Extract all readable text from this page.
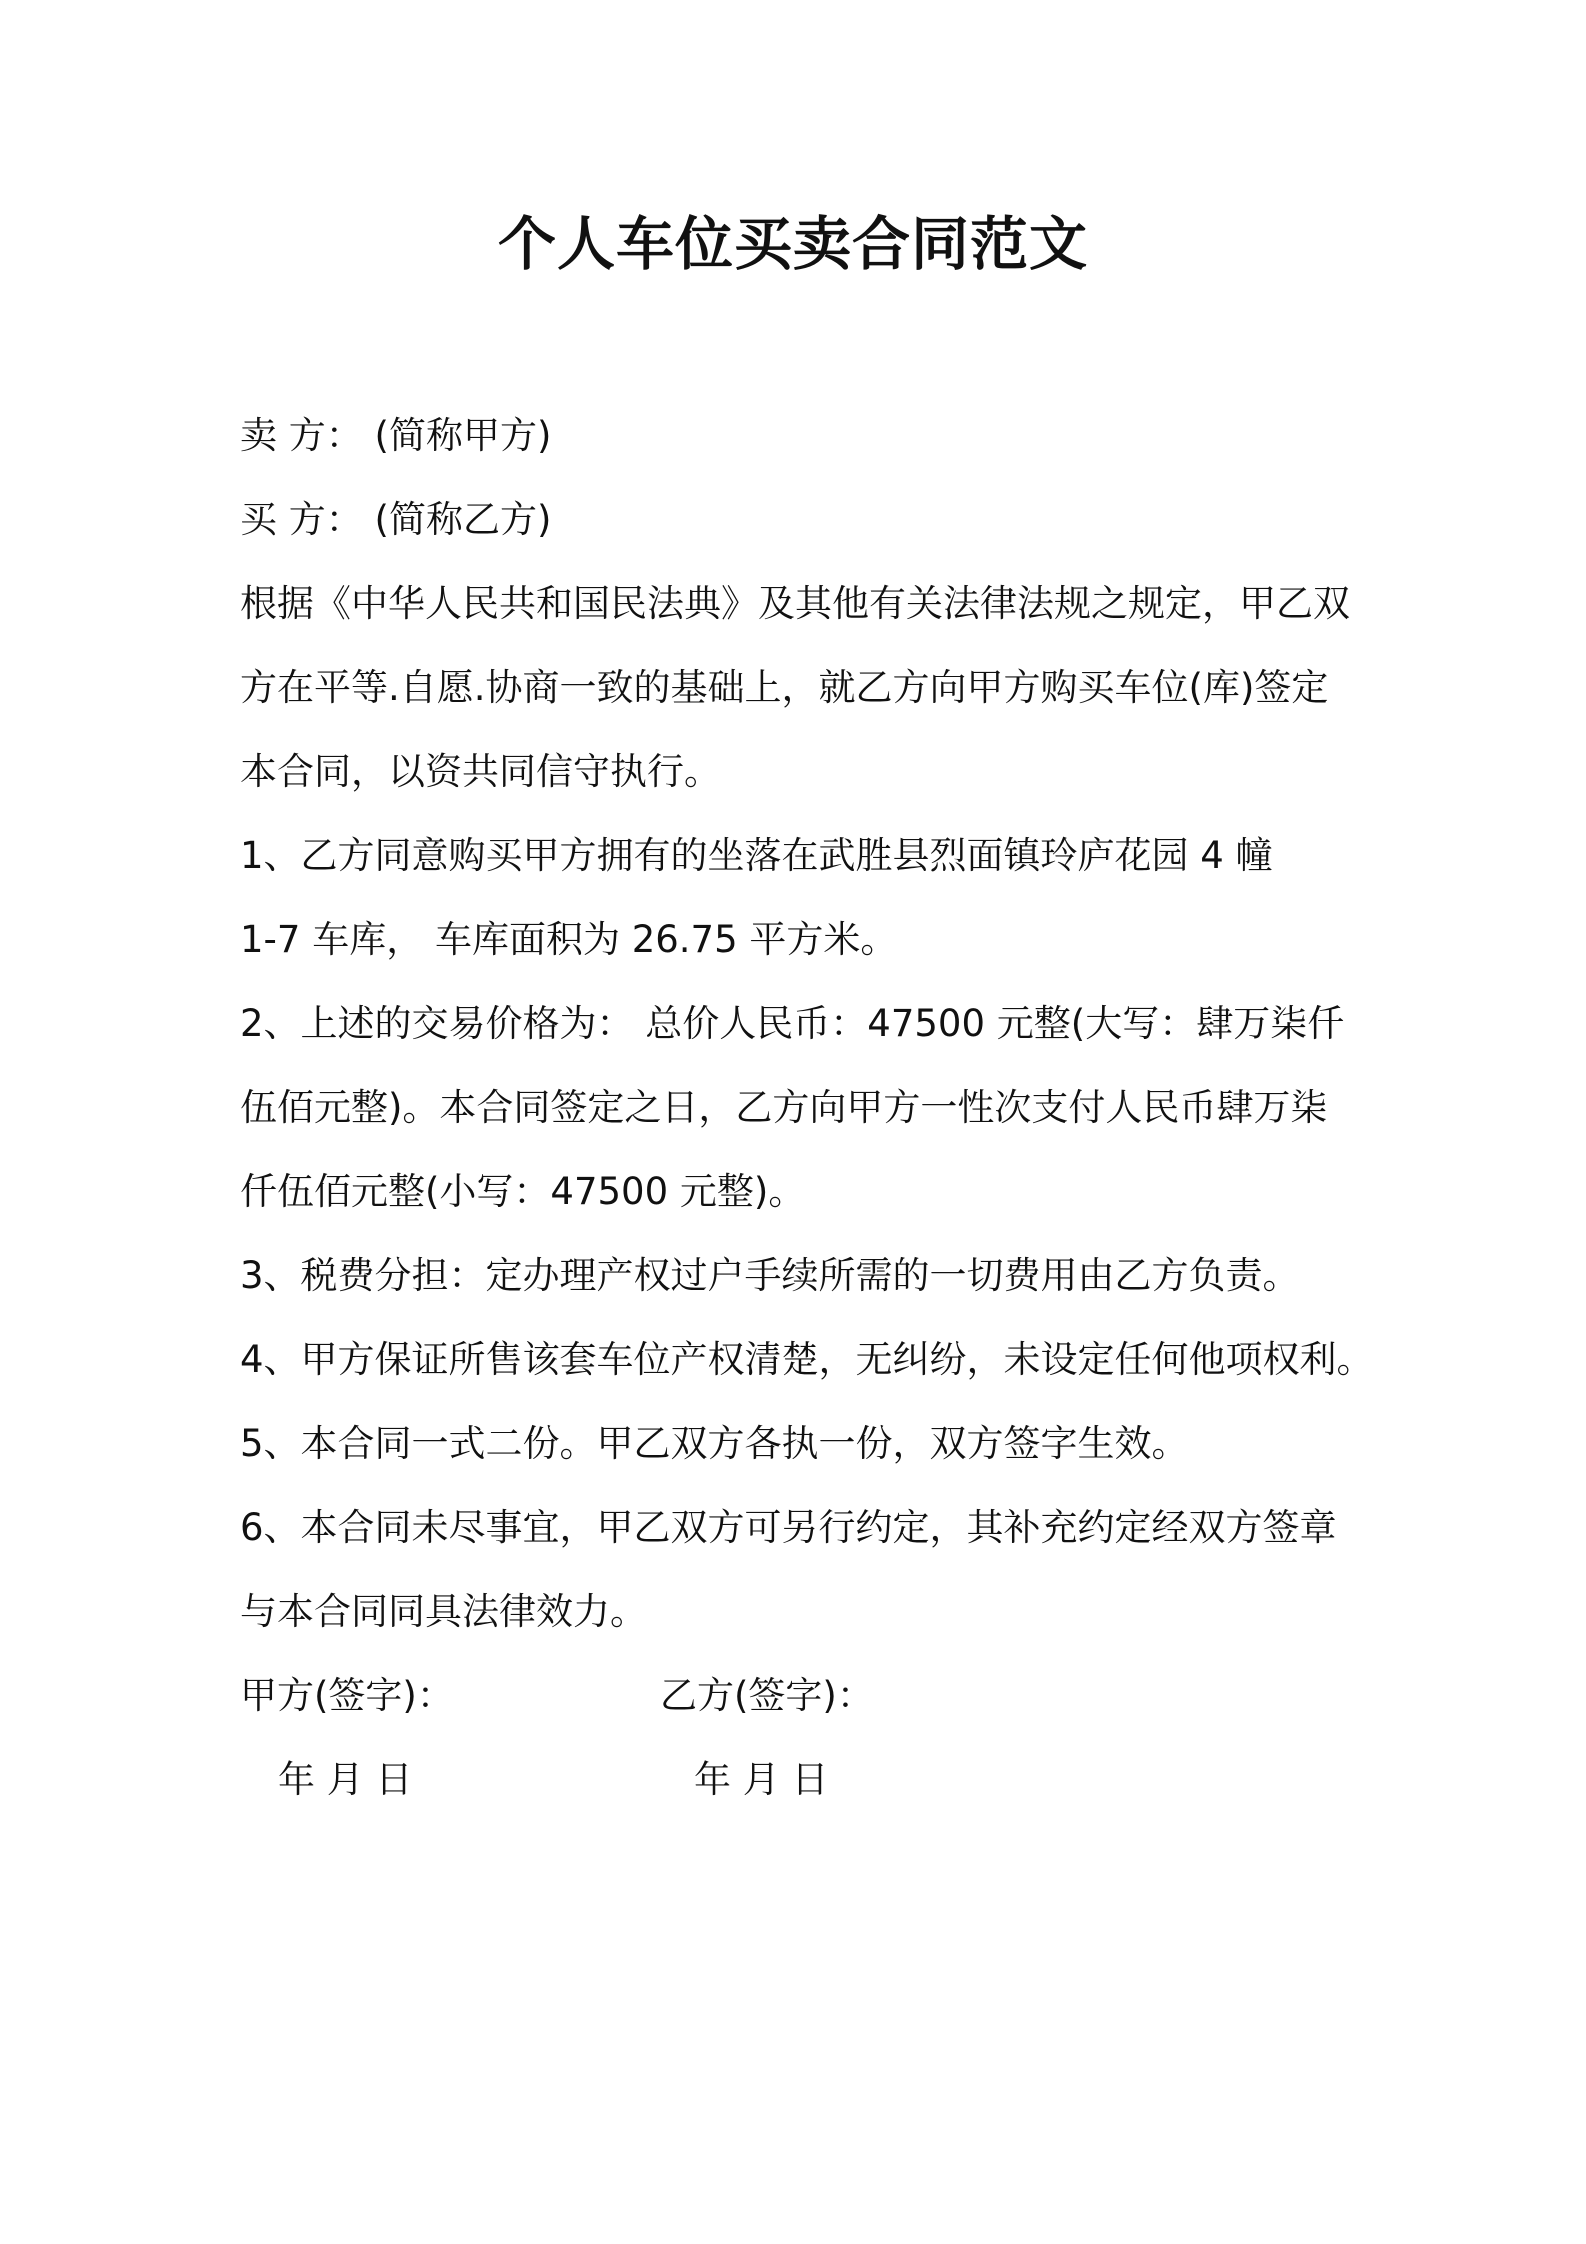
个人车位买卖合同范文
卖 方： (简称甲方)
买 方： (简称乙方)
根据《中华人民共和国民法典》及其他有关法律法规之规定，甲乙双
方在平等.自愿.协商一致的基础上，就乙方向甲方购买车位(库)签定
本合同，以资共同信守执行。
1、乙方同意购买甲方拥有的坐落在武胜县烈面镇玲庐花园 4 幢
1-7 车库， 车库面积为 26.75 平方米。
2、上述的交易价格为： 总价人民币：47500 元整(大写：肆万柒仟
伍佰元整)。本合同签定之日，乙方向甲方一性次支付人民币肆万柒
仟伍佰元整(小写：47500 元整)。
3、税费分担：定办理产权过户手续所需的一切费用由乙方负责。
4、甲方保证所售该套车位产权清楚，无纠纷，未设定任何他项权利。
5、本合同一式二份。甲乙双方各执一份，双方签字生效。
6、本合同未尽事宜，甲乙双方可另行约定，其补充约定经双方签章
与本合同同具法律效力。
甲方(签字)：	乙方(签字)：
年 月 日	年 月 日
